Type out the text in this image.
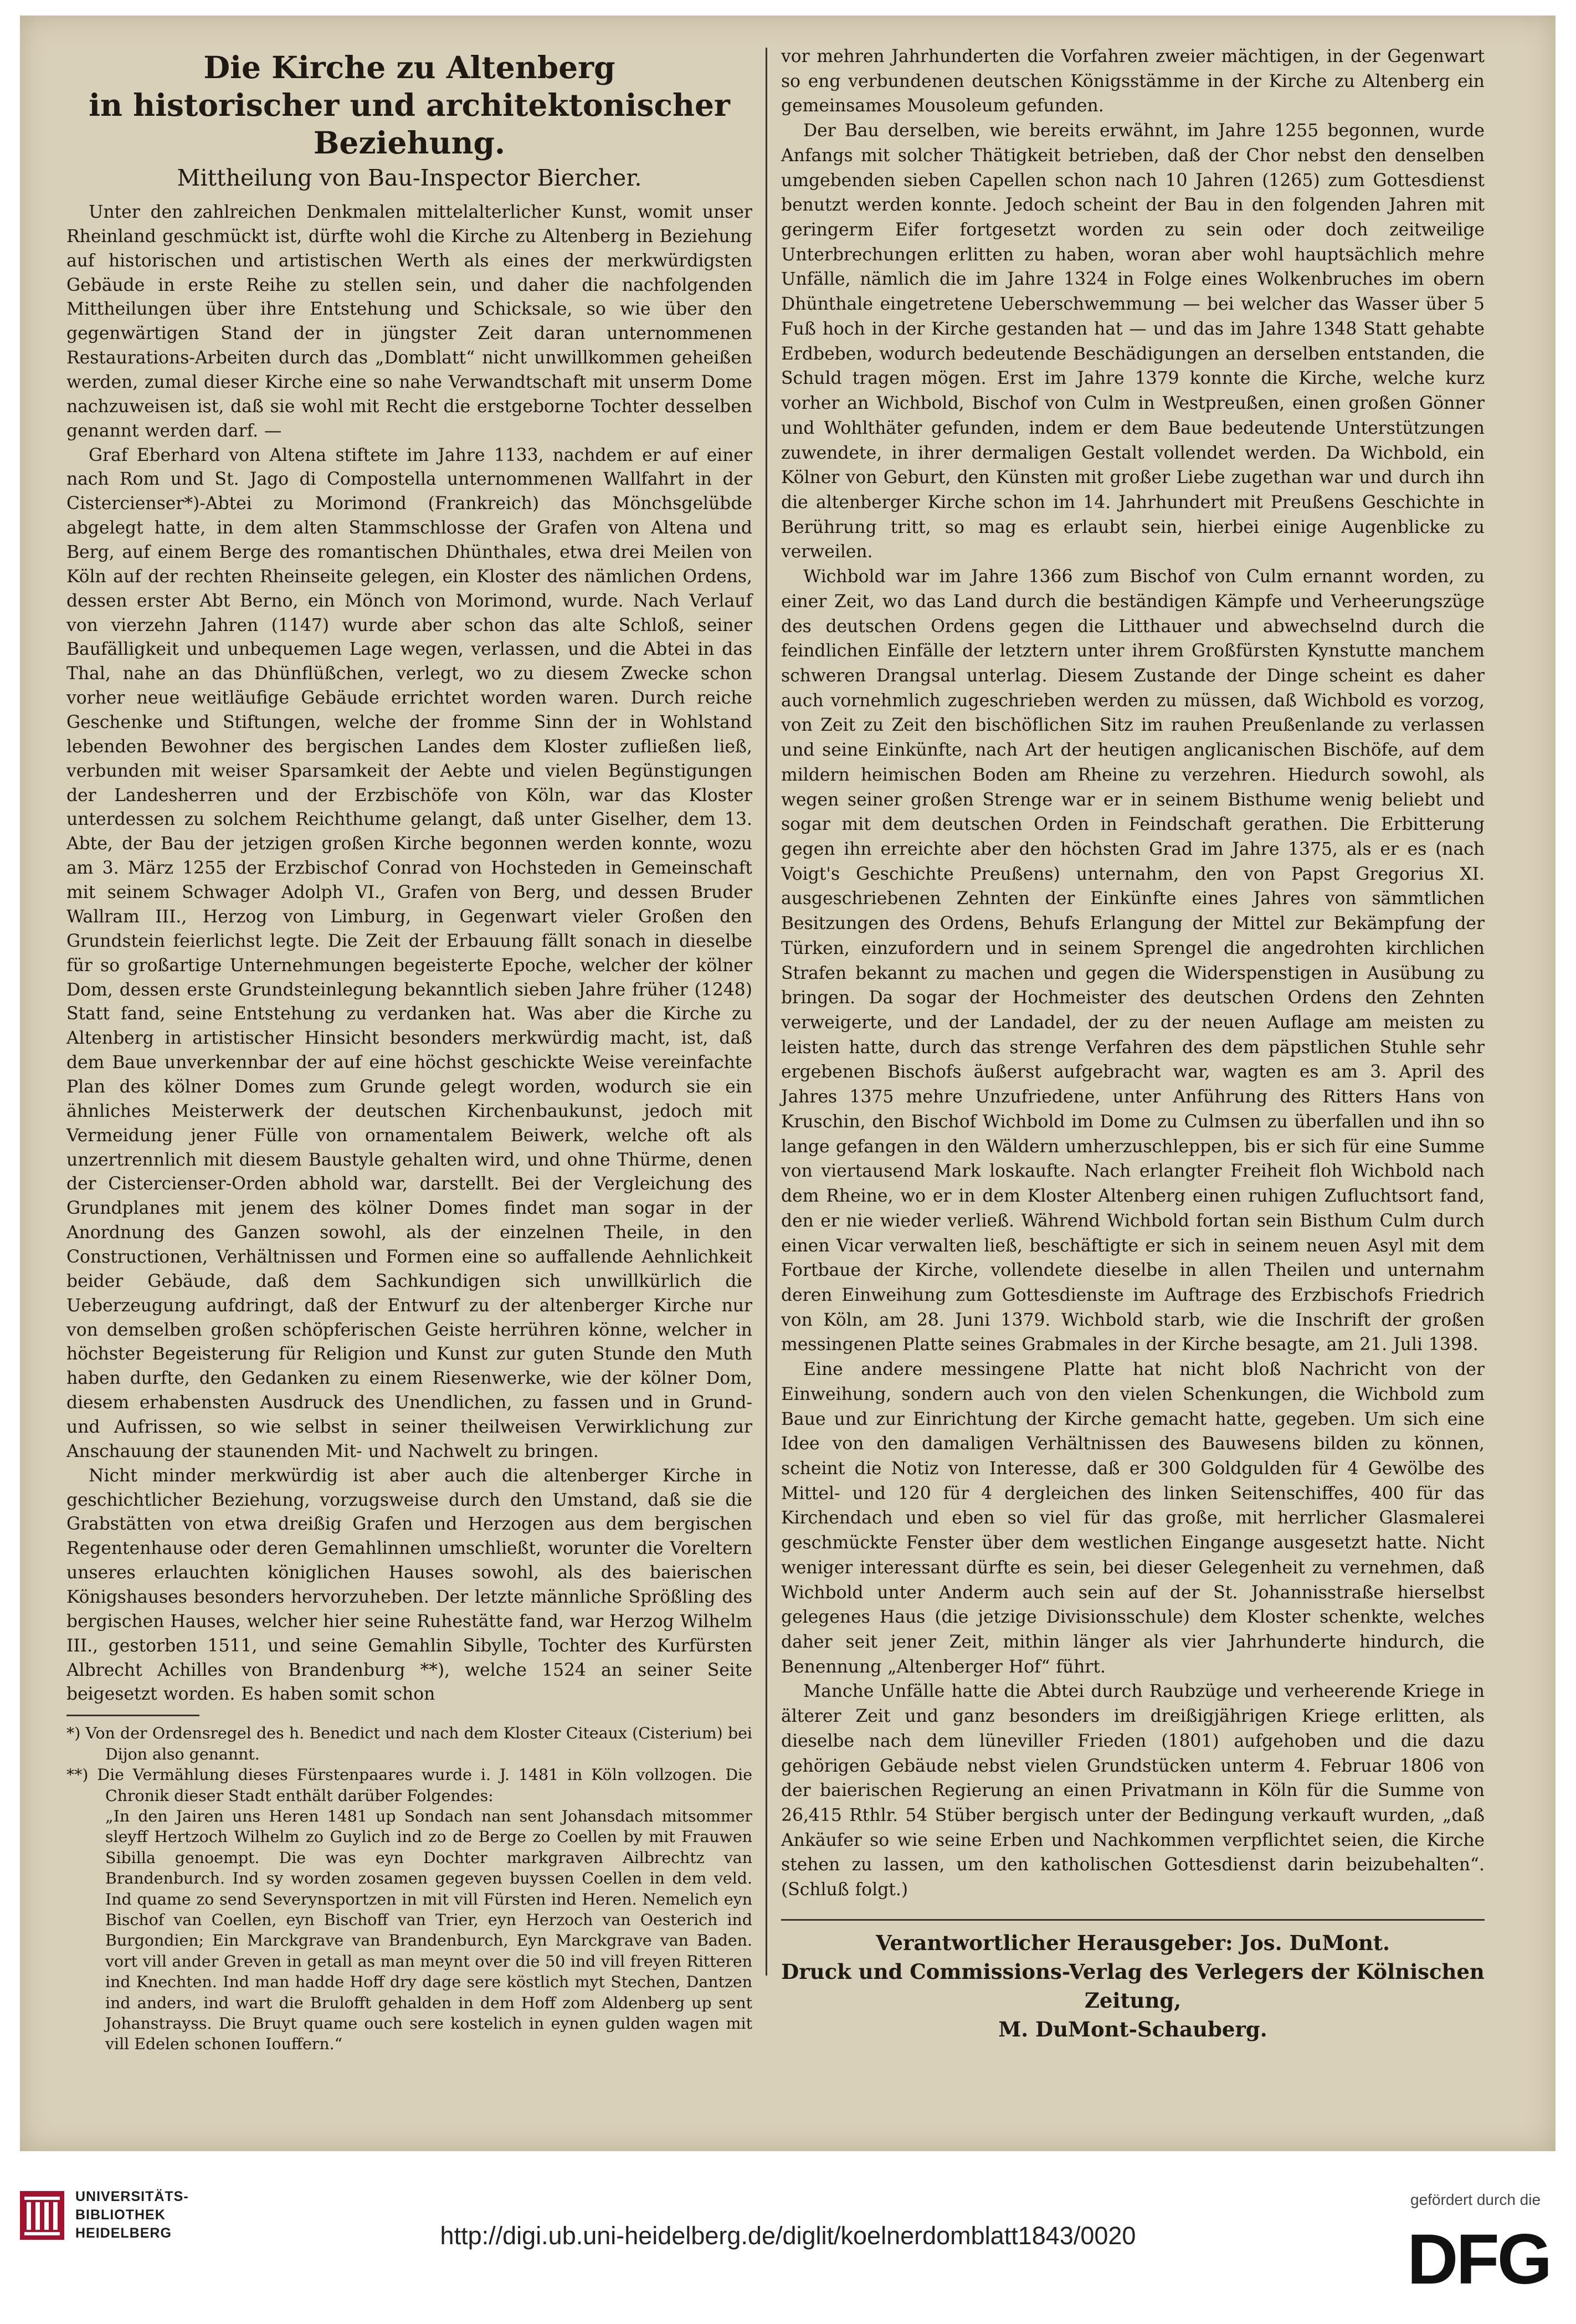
Die Kirche zu Altenberg
in historischer und architektonischer Beziehung.

Mittheilung von Bau-Inspector Biercher.

Unter den zahlreichen Denkmalen mittelalterlicher Kunst, womit unser Rheinland geschmückt ist, dürfte wohl die Kirche zu Altenberg in Beziehung auf historischen und artistischen Werth als eines der merkwürdigsten Gebäude in erste Reihe zu stellen sein, und daher die nachfolgenden Mittheilungen über ihre Entstehung und Schicksale, so wie über den gegenwärtigen Stand der in jüngster Zeit daran unternommenen Restaurations-Arbeiten durch das „Domblatt“ nicht unwillkommen geheißen werden, zumal dieser Kirche eine so nahe Verwandtschaft mit unserm Dome nachzuweisen ist, daß sie wohl mit Recht die erstgeborne Tochter desselben genannt werden darf. —

Graf Eberhard von Altena stiftete im Jahre 1133, nachdem er auf einer nach Rom und St. Jago di Compostella unternommenen Wallfahrt in der Cistercienser*)-Abtei zu Morimond (Frankreich) das Mönchsgelübde abgelegt hatte, in dem alten Stammschlosse der Grafen von Altena und Berg, auf einem Berge des romantischen Dhünthales, etwa drei Meilen von Köln auf der rechten Rheinseite gelegen, ein Kloster des nämlichen Ordens, dessen erster Abt Berno, ein Mönch von Morimond, wurde. Nach Verlauf von vierzehn Jahren (1147) wurde aber schon das alte Schloß, seiner Baufälligkeit und unbequemen Lage wegen, verlassen, und die Abtei in das Thal, nahe an das Dhünflüßchen, verlegt, wo zu diesem Zwecke schon vorher neue weitläufige Gebäude errichtet worden waren. Durch reiche Geschenke und Stiftungen, welche der fromme Sinn der in Wohlstand lebenden Bewohner des bergischen Landes dem Kloster zufließen ließ, verbunden mit weiser Sparsamkeit der Aebte und vielen Begünstigungen der Landesherren und der Erzbischöfe von Köln, war das Kloster unterdessen zu solchem Reichthume gelangt, daß unter Giselher, dem 13. Abte, der Bau der jetzigen großen Kirche begonnen werden konnte, wozu am 3. März 1255 der Erzbischof Conrad von Hochsteden in Gemeinschaft mit seinem Schwager Adolph VI., Grafen von Berg, und dessen Bruder Wallram III., Herzog von Limburg, in Gegenwart vieler Großen den Grundstein feierlichst legte. Die Zeit der Erbauung fällt sonach in dieselbe für so großartige Unternehmungen begeisterte Epoche, welcher der kölner Dom, dessen erste Grundsteinlegung bekanntlich sieben Jahre früher (1248) Statt fand, seine Entstehung zu verdanken hat. Was aber die Kirche zu Altenberg in artistischer Hinsicht besonders merkwürdig macht, ist, daß dem Baue unverkennbar der auf eine höchst geschickte Weise vereinfachte Plan des kölner Domes zum Grunde gelegt worden, wodurch sie ein ähnliches Meisterwerk der deutschen Kirchenbaukunst, jedoch mit Vermeidung jener Fülle von ornamentalem Beiwerk, welche oft als unzertrennlich mit diesem Baustyle gehalten wird, und ohne Thürme, denen der Cistercienser-Orden abhold war, darstellt. Bei der Vergleichung des Grundplanes mit jenem des kölner Domes findet man sogar in der Anordnung des Ganzen sowohl, als der einzelnen Theile, in den Constructionen, Verhältnissen und Formen eine so auffallende Aehnlichkeit beider Gebäude, daß dem Sachkundigen sich unwillkürlich die Ueberzeugung aufdringt, daß der Entwurf zu der altenberger Kirche nur von demselben großen schöpferischen Geiste herrühren könne, welcher in höchster Begeisterung für Religion und Kunst zur guten Stunde den Muth haben durfte, den Gedanken zu einem Riesenwerke, wie der kölner Dom, diesem erhabensten Ausdruck des Unendlichen, zu fassen und in Grund- und Aufrissen, so wie selbst in seiner theilweisen Verwirklichung zur Anschauung der staunenden Mit- und Nachwelt zu bringen.

Nicht minder merkwürdig ist aber auch die altenberger Kirche in geschichtlicher Beziehung, vorzugsweise durch den Umstand, daß sie die Grabstätten von etwa dreißig Grafen und Herzogen aus dem bergischen Regentenhause oder deren Gemahlinnen umschließt, worunter die Voreltern unseres erlauchten königlichen Hauses sowohl, als des baierischen Königshauses besonders hervorzuheben. Der letzte männliche Sprößling des bergischen Hauses, welcher hier seine Ruhestätte fand, war Herzog Wilhelm III., gestorben 1511, und seine Gemahlin Sibylle, Tochter des Kurfürsten Albrecht Achilles von Brandenburg **), welche 1524 an seiner Seite beigesetzt worden. Es haben somit schon

*) Von der Ordensregel des h. Benedict und nach dem Kloster Citeaux (Cisterium) bei Dijon also genannt.

**) Die Vermählung dieses Fürstenpaares wurde i. J. 1481 in Köln vollzogen. Die Chronik dieser Stadt enthält darüber Folgendes:

„In den Jairen uns Heren 1481 up Sondach nan sent Johansdach mitsommer sleyff Hertzoch Wilhelm zo Guylich ind zo de Berge zo Coellen by mit Frauwen Sibilla genoempt. Die was eyn Dochter markgraven Ailbrechtz van Brandenburch. Ind sy worden zosamen gegeven buyssen Coellen in dem veld. Ind quame zo send Severynsportzen in mit vill Fürsten ind Heren. Nemelich eyn Bischof van Coellen, eyn Bischoff van Trier, eyn Herzoch van Oesterich ind Burgondien; Ein Marckgrave van Brandenburch, Eyn Marckgrave van Baden. vort vill ander Greven in getall as man meynt over die 50 ind vill freyen Ritteren ind Knechten. Ind man hadde Hoff dry dage sere köstlich myt Stechen, Dantzen ind anders, ind wart die Brulofft gehalden in dem Hoff zom Aldenberg up sent Johanstrayss. Die Bruyt quame ouch sere kostelich in eynen gulden wagen mit vill Edelen schonen Iouffern.“

vor mehren Jahrhunderten die Vorfahren zweier mächtigen, in der Gegenwart so eng verbundenen deutschen Königsstämme in der Kirche zu Altenberg ein gemeinsames Mousoleum gefunden.

Der Bau derselben, wie bereits erwähnt, im Jahre 1255 begonnen, wurde Anfangs mit solcher Thätigkeit betrieben, daß der Chor nebst den denselben umgebenden sieben Capellen schon nach 10 Jahren (1265) zum Gottesdienst benutzt werden konnte. Jedoch scheint der Bau in den folgenden Jahren mit geringerm Eifer fortgesetzt worden zu sein oder doch zeitweilige Unterbrechungen erlitten zu haben, woran aber wohl hauptsächlich mehre Unfälle, nämlich die im Jahre 1324 in Folge eines Wolkenbruches im obern Dhünthale eingetretene Ueberschwemmung — bei welcher das Wasser über 5 Fuß hoch in der Kirche gestanden hat — und das im Jahre 1348 Statt gehabte Erdbeben, wodurch bedeutende Beschädigungen an derselben entstanden, die Schuld tragen mögen. Erst im Jahre 1379 konnte die Kirche, welche kurz vorher an Wichbold, Bischof von Culm in Westpreußen, einen großen Gönner und Wohlthäter gefunden, indem er dem Baue bedeutende Unterstützungen zuwendete, in ihrer dermaligen Gestalt vollendet werden. Da Wichbold, ein Kölner von Geburt, den Künsten mit großer Liebe zugethan war und durch ihn die altenberger Kirche schon im 14. Jahrhundert mit Preußens Geschichte in Berührung tritt, so mag es erlaubt sein, hierbei einige Augenblicke zu verweilen.

Wichbold war im Jahre 1366 zum Bischof von Culm ernannt worden, zu einer Zeit, wo das Land durch die beständigen Kämpfe und Verheerungszüge des deutschen Ordens gegen die Litthauer und abwechselnd durch die feindlichen Einfälle der letztern unter ihrem Großfürsten Kynstutte manchem schweren Drangsal unterlag. Diesem Zustande der Dinge scheint es daher auch vornehmlich zugeschrieben werden zu müssen, daß Wichbold es vorzog, von Zeit zu Zeit den bischöflichen Sitz im rauhen Preußenlande zu verlassen und seine Einkünfte, nach Art der heutigen anglicanischen Bischöfe, auf dem mildern heimischen Boden am Rheine zu verzehren. Hiedurch sowohl, als wegen seiner großen Strenge war er in seinem Bisthume wenig beliebt und sogar mit dem deutschen Orden in Feindschaft gerathen. Die Erbitterung gegen ihn erreichte aber den höchsten Grad im Jahre 1375, als er es (nach Voigt's Geschichte Preußens) unternahm, den von Papst Gregorius XI. ausgeschriebenen Zehnten der Einkünfte eines Jahres von sämmtlichen Besitzungen des Ordens, Behufs Erlangung der Mittel zur Bekämpfung der Türken, einzufordern und in seinem Sprengel die angedrohten kirchlichen Strafen bekannt zu machen und gegen die Widerspenstigen in Ausübung zu bringen. Da sogar der Hochmeister des deutschen Ordens den Zehnten verweigerte, und der Landadel, der zu der neuen Auflage am meisten zu leisten hatte, durch das strenge Verfahren des dem päpstlichen Stuhle sehr ergebenen Bischofs äußerst aufgebracht war, wagten es am 3. April des Jahres 1375 mehre Unzufriedene, unter Anführung des Ritters Hans von Kruschin, den Bischof Wichbold im Dome zu Culmsen zu überfallen und ihn so lange gefangen in den Wäldern umherzuschleppen, bis er sich für eine Summe von viertausend Mark loskaufte. Nach erlangter Freiheit floh Wichbold nach dem Rheine, wo er in dem Kloster Altenberg einen ruhigen Zufluchtsort fand, den er nie wieder verließ. Während Wichbold fortan sein Bisthum Culm durch einen Vicar verwalten ließ, beschäftigte er sich in seinem neuen Asyl mit dem Fortbaue der Kirche, vollendete dieselbe in allen Theilen und unternahm deren Einweihung zum Gottesdienste im Auftrage des Erzbischofs Friedrich von Köln, am 28. Juni 1379. Wichbold starb, wie die Inschrift der großen messingenen Platte seines Grabmales in der Kirche besagte, am 21. Juli 1398.

Eine andere messingene Platte hat nicht bloß Nachricht von der Einweihung, sondern auch von den vielen Schenkungen, die Wichbold zum Baue und zur Einrichtung der Kirche gemacht hatte, gegeben. Um sich eine Idee von den damaligen Verhältnissen des Bauwesens bilden zu können, scheint die Notiz von Interesse, daß er 300 Goldgulden für 4 Gewölbe des Mittel- und 120 für 4 dergleichen des linken Seitenschiffes, 400 für das Kirchendach und eben so viel für das große, mit herrlicher Glasmalerei geschmückte Fenster über dem westlichen Eingange ausgesetzt hatte. Nicht weniger interessant dürfte es sein, bei dieser Gelegenheit zu vernehmen, daß Wichbold unter Anderm auch sein auf der St. Johannisstraße hierselbst gelegenes Haus (die jetzige Divisionsschule) dem Kloster schenkte, welches daher seit jener Zeit, mithin länger als vier Jahrhunderte hindurch, die Benennung „Altenberger Hof“ führt.

Manche Unfälle hatte die Abtei durch Raubzüge und verheerende Kriege in älterer Zeit und ganz besonders im dreißigjährigen Kriege erlitten, als dieselbe nach dem lüneviller Frieden (1801) aufgehoben und die dazu gehörigen Gebäude nebst vielen Grundstücken unterm 4. Februar 1806 von der baierischen Regierung an einen Privatmann in Köln für die Summe von 26,415 Rthlr. 54 Stüber bergisch unter der Bedingung verkauft wurden, „daß Ankäufer so wie seine Erben und Nachkommen verpflichtet seien, die Kirche stehen zu lassen, um den katholischen Gottesdienst darin beizubehalten“. (Schluß folgt.)

Verantwortlicher Herausgeber: Jos. DuMont.

Druck und Commissions-Verlag des Verlegers der Kölnischen Zeitung,

M. DuMont-Schauberg.

UNIVERSITÄTS-
BIBLIOTHEK
HEIDELBERG	http://digi.ub.uni-heidelberg.de/diglit/koelnerdomblatt1843/0020
gefördert durch die
DFG
